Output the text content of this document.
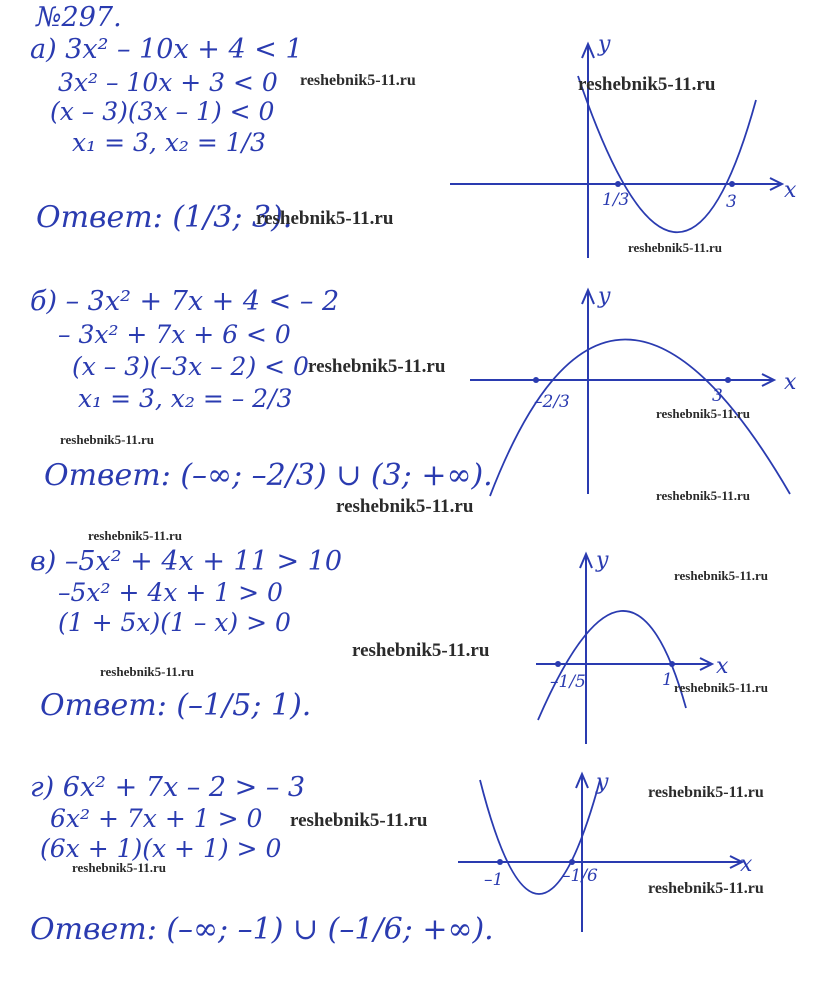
№297.
а) 3x² – 10x + 4 < 1
3x² – 10x + 3 < 0
(x – 3)(3x – 1) < 0
x₁ = 3, x₂ = 1/3
Ответ: (1/3; 3).
y
x
1/3	3
б) – 3x² + 7x + 4 < – 2
– 3x² + 7x + 6 < 0
(x – 3)(–3x – 2) < 0
x₁ = 3, x₂ = – 2/3
Ответ: (–∞; –2/3) ∪ (3; +∞).
y
x
–2/3	3
в) –5x² + 4x + 11 > 10
–5x² + 4x + 1 > 0
(1 + 5x)(1 – x) > 0
Ответ: (–1/5; 1).
y
x
–1/5	1
г) 6x² + 7x – 2 > – 3
6x² + 7x + 1 > 0
(6x + 1)(x + 1) > 0
Ответ: (–∞; –1) ∪ (–1/6; +∞).
y
x
–1	–1/6
reshebnik5-11.ru	reshebnik5-11.ru
reshebnik5-11.ru
reshebnik5-11.ru
reshebnik5-11.ru
reshebnik5-11.ru
reshebnik5-11.ru
reshebnik5-11.ru
reshebnik5-11.ru
reshebnik5-11.ru
reshebnik5-11.ru
reshebnik5-11.ru
reshebnik5-11.ru
reshebnik5-11.ru
reshebnik5-11.ru
reshebnik5-11.ru
reshebnik5-11.ru
reshebnik5-11.ru
